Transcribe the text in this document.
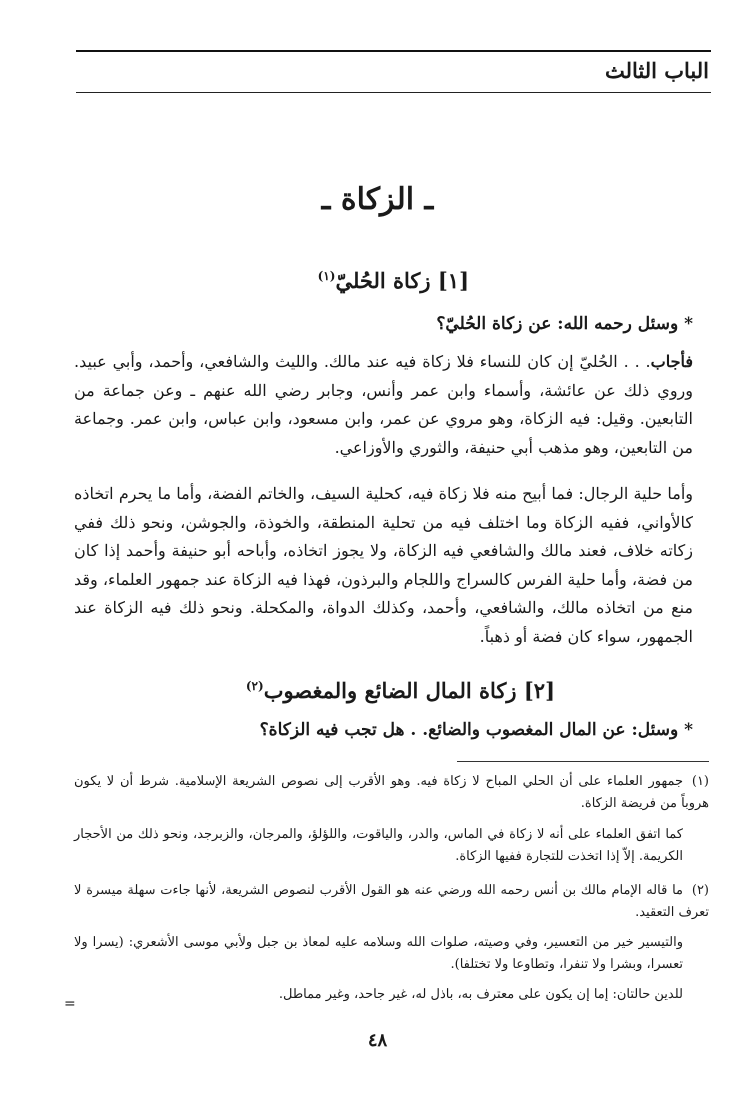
الباب الثالث
ـ الزكاة ـ
[١] زكاة الحُليّ$^{(١)}$
* وسئل رحمه الله: عن زكاة الحُليّ؟
فأجاب. . . الحُليّ إن كان للنساء فلا زكاة فيه عند مالك. والليث والشافعي، وأحمد، وأبي عبيد. وروي ذلك عن عائشة، وأسماء وابن عمر وأنس، وجابر رضي الله عنهم ـ وعن جماعة من التابعين. وقيل: فيه الزكاة، وهو مروي عن عمر، وابن مسعود، وابن عباس، وابن عمر. وجماعة من التابعين، وهو مذهب أبي حنيفة، والثوري والأوزاعي.
وأما حلية الرجال: فما أبيح منه فلا زكاة فيه، كحلية السيف، والخاتم الفضة، وأما ما يحرم اتخاذه كالأواني، ففيه الزكاة وما اختلف فيه من تحلية المنطقة، والخوذة، والجوشن، ونحو ذلك ففي زكاته خلاف، فعند مالك والشافعي فيه الزكاة، ولا يجوز اتخاذه، وأباحه أبو حنيفة وأحمد إذا كان من فضة، وأما حلية الفرس كالسراج واللجام والبرذون، فهذا فيه الزكاة عند جمهور العلماء، وقد منع من اتخاذه مالك، والشافعي، وأحمد، وكذلك الدواة، والمكحلة. ونحو ذلك فيه الزكاة عند الجمهور، سواء كان فضة أو ذهباً.
[٢] زكاة المال الضائع والمغصوب$^{(٢)}$
* وسئل: عن المال المغصوب والضائع. . هل تجب فيه الزكاة؟
(١)جمهور العلماء على أن الحلي المباح لا زكاة فيه. وهو الأقرب إلى نصوص الشريعة الإسلامية. شرط أن لا يكون هروباً من فريضة الزكاة.
كما اتفق العلماء على أنه لا زكاة في الماس، والدر، والياقوت، واللؤلؤ، والمرجان، والزبرجد، ونحو ذلك من الأحجار الكريمة. إلاّ إذا اتخذت للتجارة ففيها الزكاة.
(٢)ما قاله الإمام مالك بن أنس رحمه الله ورضي عنه هو القول الأقرب لنصوص الشريعة، لأنها جاءت سهلة ميسرة لا تعرف التعقيد.
والتيسير خير من التعسير، وفي وصيته، صلوات الله وسلامه عليه لمعاذ بن جبل ولأبي موسى الأشعري: (يسرا ولا تعسرا، وبشرا ولا تنفرا، وتطاوعا ولا تختلفا).
للدين حالتان: إما إن يكون على معترف به، باذل له، غير جاحد، وغير مماطل.
=
٤٨
